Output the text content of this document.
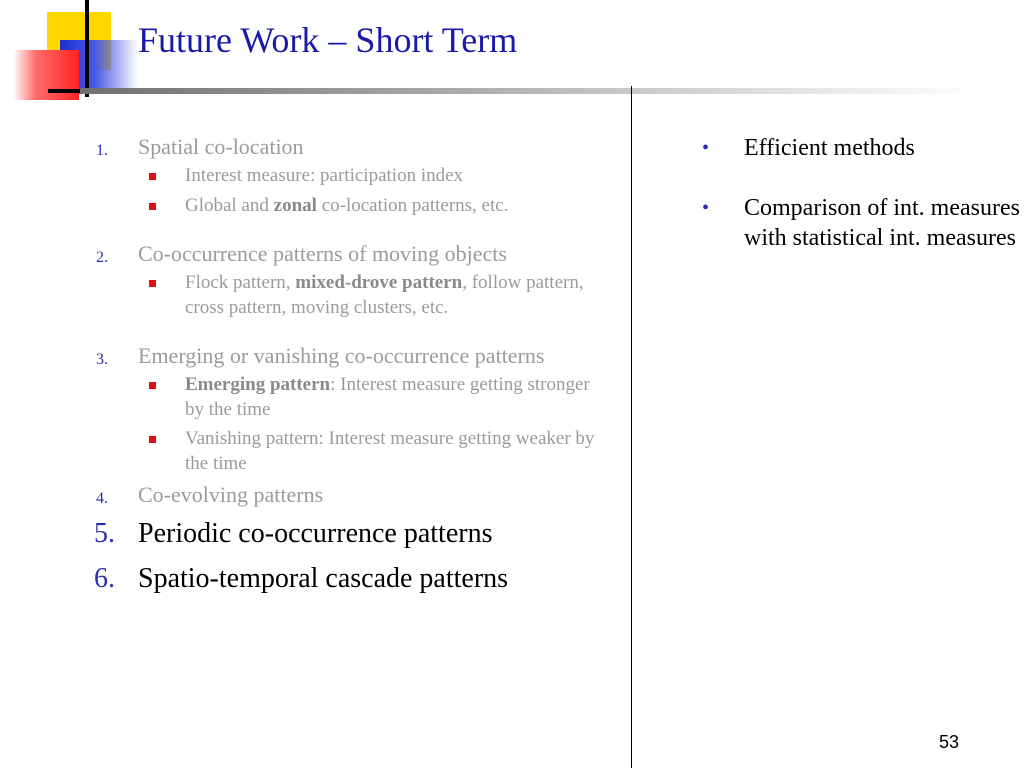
Future Work – Short Term
1. Spatial co-location
Interest measure: participation index
Global and zonal co-location patterns, etc.
2. Co-occurrence patterns of moving objects
Flock pattern, mixed-drove pattern, follow pattern, cross pattern, moving clusters, etc.
3. Emerging or vanishing co-occurrence patterns
Emerging pattern: Interest measure getting stronger by the time
Vanishing pattern: Interest measure getting weaker by the time
4. Co-evolving patterns
5. Periodic co-occurrence patterns
6. Spatio-temporal cascade patterns
• Efficient methods
• Comparison of int. measures with statistical int. measures
53
